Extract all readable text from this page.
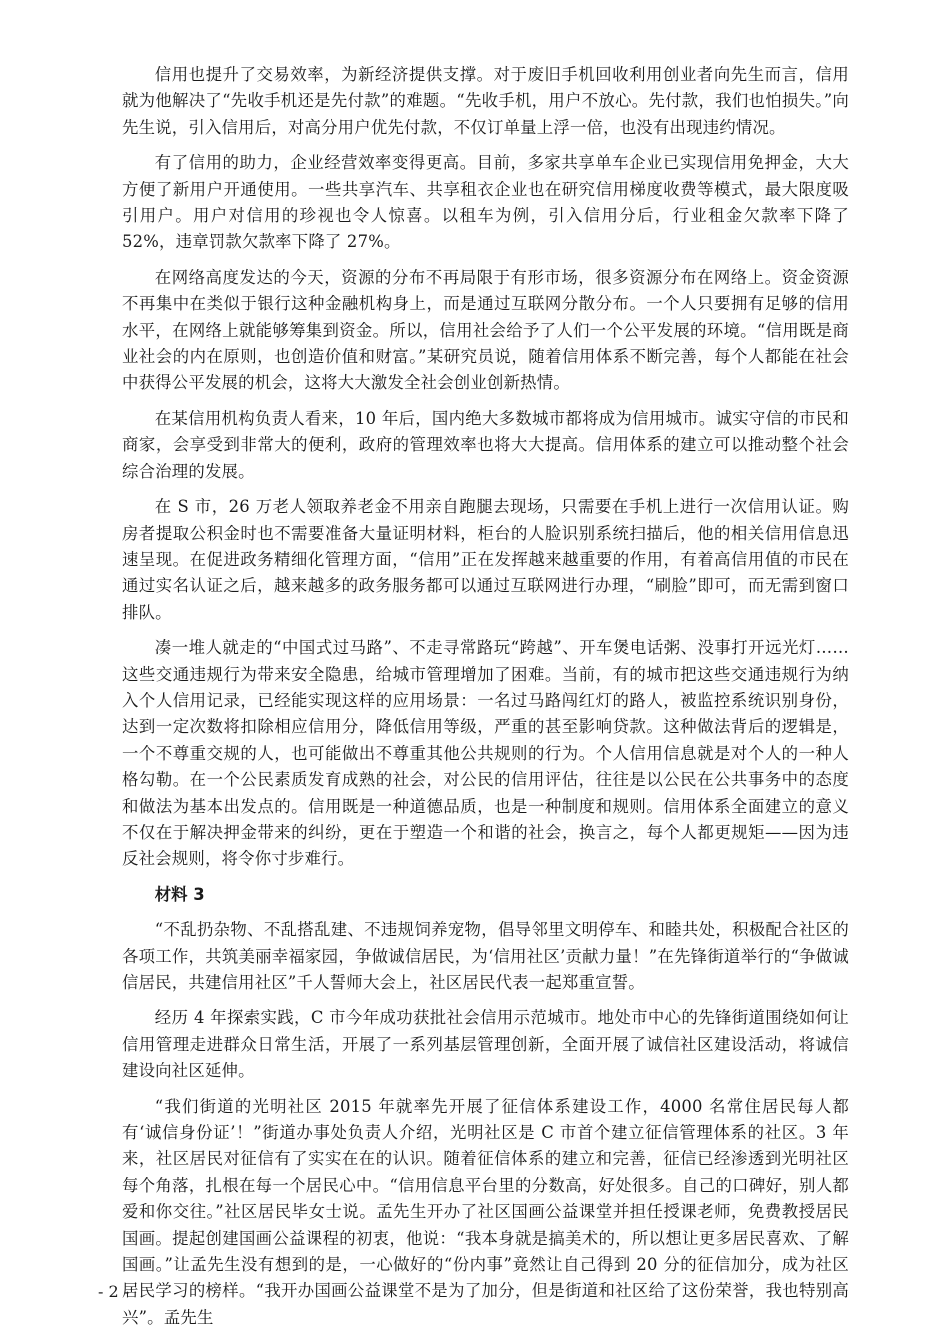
信用也提升了交易效率，为新经济提供支撑。对于废旧手机回收利用创业者向先生而言，信用就为他解决了“先收手机还是先付款”的难题。“先收手机，用户不放心。先付款，我们也怕损失。”向先生说，引入信用后，对高分用户优先付款，不仅订单量上浮一倍，也没有出现违约情况。

有了信用的助力，企业经营效率变得更高。目前，多家共享单车企业已实现信用免押金，大大方便了新用户开通使用。一些共享汽车、共享租衣企业也在研究信用梯度收费等模式，最大限度吸引用户。用户对信用的珍视也令人惊喜。以租车为例，引入信用分后，行业租金欠款率下降了 52%，违章罚款欠款率下降了 27%。

在网络高度发达的今天，资源的分布不再局限于有形市场，很多资源分布在网络上。资金资源不再集中在类似于银行这种金融机构身上，而是通过互联网分散分布。一个人只要拥有足够的信用水平，在网络上就能够筹集到资金。所以，信用社会给予了人们一个公平发展的环境。“信用既是商业社会的内在原则，也创造价值和财富。”某研究员说，随着信用体系不断完善，每个人都能在社会中获得公平发展的机会，这将大大激发全社会创业创新热情。

在某信用机构负责人看来，10 年后，国内绝大多数城市都将成为信用城市。诚实守信的市民和商家，会享受到非常大的便利，政府的管理效率也将大大提高。信用体系的建立可以推动整个社会综合治理的发展。

在 S 市，26 万老人领取养老金不用亲自跑腿去现场，只需要在手机上进行一次信用认证。购房者提取公积金时也不需要准备大量证明材料，柜台的人脸识别系统扫描后，他的相关信用信息迅速呈现。在促进政务精细化管理方面，“信用”正在发挥越来越重要的作用，有着高信用值的市民在通过实名认证之后，越来越多的政务服务都可以通过互联网进行办理，“刷脸”即可，而无需到窗口排队。

凑一堆人就走的“中国式过马路”、不走寻常路玩“跨越”、开车煲电话粥、没事打开远光灯……这些交通违规行为带来安全隐患，给城市管理增加了困难。当前，有的城市把这些交通违规行为纳入个人信用记录，已经能实现这样的应用场景：一名过马路闯红灯的路人，被监控系统识别身份，达到一定次数将扣除相应信用分，降低信用等级，严重的甚至影响贷款。这种做法背后的逻辑是，一个不尊重交规的人，也可能做出不尊重其他公共规则的行为。个人信用信息就是对个人的一种人格勾勒。在一个公民素质发育成熟的社会，对公民的信用评估，往往是以公民在公共事务中的态度和做法为基本出发点的。信用既是一种道德品质，也是一种制度和规则。信用体系全面建立的意义不仅在于解决押金带来的纠纷，更在于塑造一个和谐的社会，换言之，每个人都更规矩——因为违反社会规则，将令你寸步难行。

材料 3

“不乱扔杂物、不乱搭乱建、不违规饲养宠物，倡导邻里文明停车、和睦共处，积极配合社区的各项工作，共筑美丽幸福家园，争做诚信居民，为‘信用社区’贡献力量！”在先锋街道举行的“争做诚信居民，共建信用社区”千人誓师大会上，社区居民代表一起郑重宣誓。

经历 4 年探索实践，C 市今年成功获批社会信用示范城市。地处市中心的先锋街道围绕如何让信用管理走进群众日常生活，开展了一系列基层管理创新，全面开展了诚信社区建设活动，将诚信建设向社区延伸。

“我们街道的光明社区 2015 年就率先开展了征信体系建设工作，4000 名常住居民每人都有‘诚信身份证’！”街道办事处负责人介绍，光明社区是 C 市首个建立征信管理体系的社区。3 年来，社区居民对征信有了实实在在的认识。随着征信体系的建立和完善，征信已经渗透到光明社区每个角落，扎根在每一个居民心中。“信用信息平台里的分数高，好处很多。自己的口碑好，别人都爱和你交往。”社区居民毕女士说。孟先生开办了社区国画公益课堂并担任授课老师，免费教授居民国画。提起创建国画公益课程的初衷，他说：“我本身就是搞美术的，所以想让更多居民喜欢、了解国画。”让孟先生没有想到的是，一心做好的“份内事”竟然让自己得到 20 分的征信加分，成为社区居民学习的榜样。“我开办国画公益课堂不是为了加分，但是街道和社区给了这份荣誉，我也特别高兴”。孟先生

- 2 -
